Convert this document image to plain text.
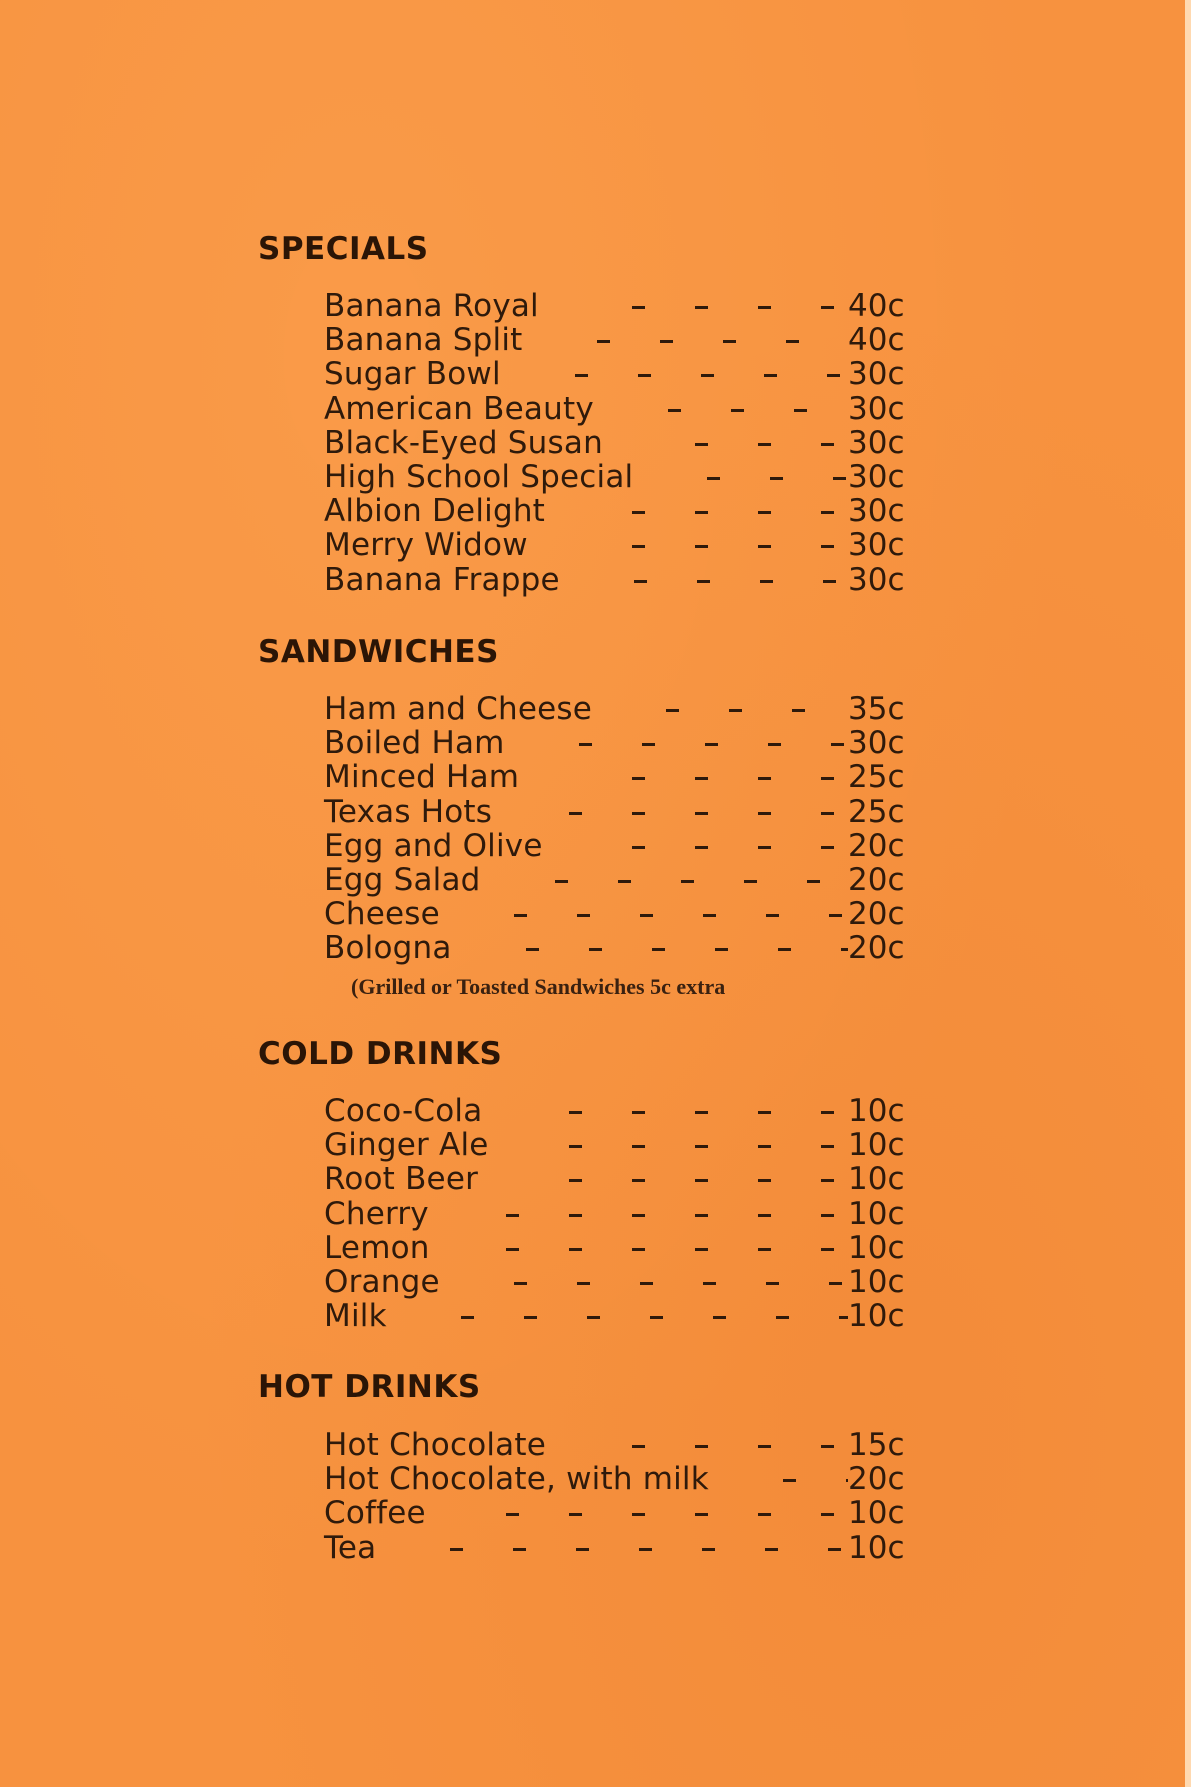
SPECIALS
Banana Royal	40c
Banana Split	40c
Sugar Bowl	30c
American Beauty	30c
Black-Eyed Susan	30c
High School Special	30c
Albion Delight	30c
Merry Widow	30c
Banana Frappe	30c
SANDWICHES
Ham and Cheese	35c
Boiled Ham	30c
Minced Ham	25c
Texas Hots	25c
Egg and Olive	20c
Egg Salad	20c
Cheese	20c
Bologna	20c

(Grilled or Toasted Sandwiches 5c extra

COLD DRINKS
Coco-Cola	10c
Ginger Ale	10c
Root Beer	10c
Cherry	10c
Lemon	10c
Orange	10c
Milk	10c
HOT DRINKS
Hot Chocolate	15c
Hot Chocolate, with milk	20c
Coffee	10c
Tea	10c
